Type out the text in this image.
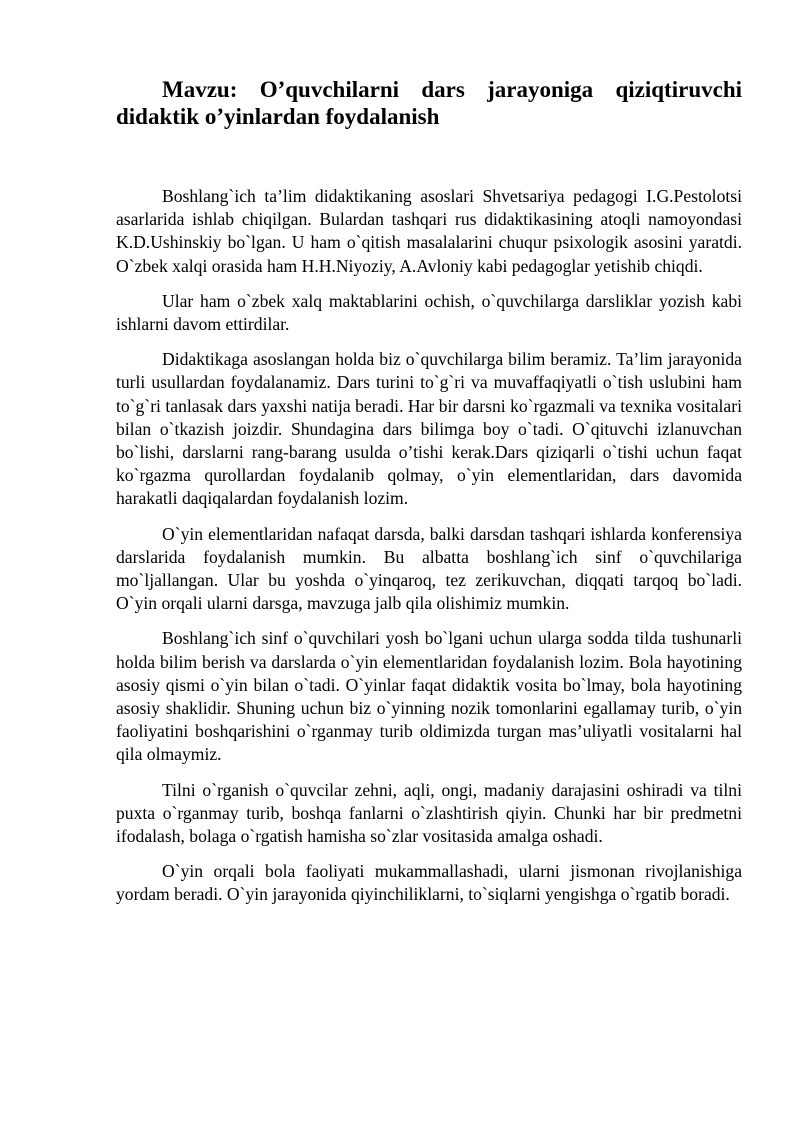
Mavzu: O’quvchilarni dars jarayoniga qiziqtiruvchi didaktik o’yinlardan foydalanish

Boshlang`ich ta’lim didaktikaning asoslari Shvetsariya pedagogi I.G.Pestolotsi asarlarida ishlab chiqilgan. Bulardan tashqari rus didaktikasining atoqli namoyondasi K.D.Ushinskiy bo`lgan. U ham o`qitish masalalarini chuqur psixologik asosini yaratdi. O`zbek xalqi orasida ham H.H.Niyoziy, A.Avloniy kabi pedagoglar yetishib chiqdi.

Ular ham o`zbek xalq maktablarini ochish, o`quvchilarga darsliklar yozish kabi ishlarni davom ettirdilar.

Didaktikaga asoslangan holda biz o`quvchilarga bilim beramiz. Ta’lim jarayonida turli usullardan foydalanamiz. Dars turini to`g`ri va muvaffaqiyatli o`tish uslubini ham to`g`ri tanlasak dars yaxshi natija beradi. Har bir darsni ko`rgazmali va texnika vositalari bilan o`tkazish joizdir. Shundagina dars bilimga boy o`tadi. O`qituvchi izlanuvchan bo`lishi, darslarni rang-barang usulda o’tishi kerak.Dars qiziqarli o`tishi uchun faqat ko`rgazma qurollardan foydalanib qolmay, o`yin elementlaridan, dars davomida harakatli daqiqalardan foydalanish lozim.

O`yin elementlaridan nafaqat darsda, balki darsdan tashqari ishlarda konferensiya darslarida foydalanish mumkin. Bu albatta boshlang`ich sinf o`quvchilariga mo`ljallangan. Ular bu yoshda o`yinqaroq, tez zerikuvchan, diqqati tarqoq bo`ladi. O`yin orqali ularni darsga, mavzuga jalb qila olishimiz mumkin.

Boshlang`ich sinf o`quvchilari yosh bo`lgani uchun ularga sodda tilda tushunarli holda bilim berish va darslarda o`yin elementlaridan foydalanish lozim. Bola hayotining asosiy qismi o`yin bilan o`tadi. O`yinlar faqat didaktik vosita bo`lmay, bola hayotining asosiy shaklidir. Shuning uchun biz o`yinning nozik tomonlarini egallamay turib, o`yin faoliyatini boshqarishini o`rganmay turib oldimizda turgan mas’uliyatli vositalarni hal qila olmaymiz.

Tilni o`rganish o`quvcilar zehni, aqli, ongi, madaniy darajasini oshiradi va tilni puxta o`rganmay turib, boshqa fanlarni o`zlashtirish qiyin. Chunki har bir predmetni ifodalash, bolaga o`rgatish hamisha so`zlar vositasida amalga oshadi.

O`yin orqali bola faoliyati mukammallashadi, ularni jismonan rivojlanishiga yordam beradi. O`yin jarayonida qiyinchiliklarni, to`siqlarni yengishga o`rgatib boradi.
